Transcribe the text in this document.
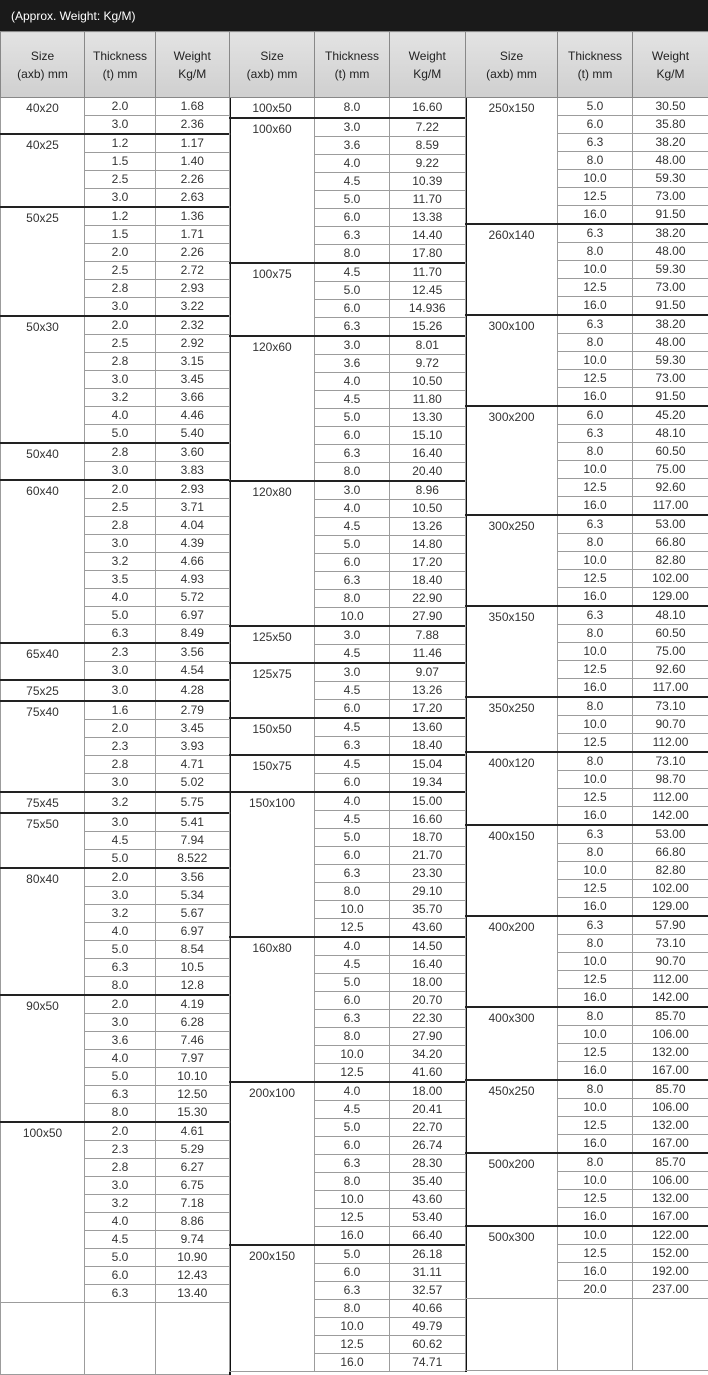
(Approx. Weight: Kg/M)
Size
(axb) mm	Thickness
(t) mm	Weight
Kg/M
40x20	2.0	1.68
	3.0	2.36
40x25	1.2	1.17
	1.5	1.40
	2.5	2.26
	3.0	2.63
50x25	1.2	1.36
	1.5	1.71
	2.0	2.26
	2.5	2.72
	2.8	2.93
	3.0	3.22
50x30	2.0	2.32
	2.5	2.92
	2.8	3.15
	3.0	3.45
	3.2	3.66
	4.0	4.46
	5.0	5.40
50x40	2.8	3.60
	3.0	3.83
60x40	2.0	2.93
	2.5	3.71
	2.8	4.04
	3.0	4.39
	3.2	4.66
	3.5	4.93
	4.0	5.72
	5.0	6.97
	6.3	8.49
65x40	2.3	3.56
	3.0	4.54
75x25	3.0	4.28
75x40	1.6	2.79
	2.0	3.45
	2.3	3.93
	2.8	4.71
	3.0	5.02
75x45	3.2	5.75
75x50	3.0	5.41
	4.5	7.94
	5.0	8.522
80x40	2.0	3.56
	3.0	5.34
	3.2	5.67
	4.0	6.97
	5.0	8.54
	6.3	10.5
	8.0	12.8
90x50	2.0	4.19
	3.0	6.28
	3.6	7.46
	4.0	7.97
	5.0	10.10
	6.3	12.50
	8.0	15.30
100x50	2.0	4.61
	2.3	5.29
	2.8	6.27
	3.0	6.75
	3.2	7.18
	4.0	8.86
	4.5	9.74
	5.0	10.90
	6.0	12.43
	6.3	13.40

Size
(axb) mm	Thickness
(t) mm	Weight
Kg/M
100x50	8.0	16.60
100x60	3.0	7.22
	3.6	8.59
	4.0	9.22
	4.5	10.39
	5.0	11.70
	6.0	13.38
	6.3	14.40
	8.0	17.80
100x75	4.5	11.70
	5.0	12.45
	6.0	14.936
	6.3	15.26
120x60	3.0	8.01
	3.6	9.72
	4.0	10.50
	4.5	11.80
	5.0	13.30
	6.0	15.10
	6.3	16.40
	8.0	20.40
120x80	3.0	8.96
	4.0	10.50
	4.5	13.26
	5.0	14.80
	6.0	17.20
	6.3	18.40
	8.0	22.90
	10.0	27.90
125x50	3.0	7.88
	4.5	11.46
125x75	3.0	9.07
	4.5	13.26
	6.0	17.20
150x50	4.5	13.60
	6.3	18.40
150x75	4.5	15.04
	6.0	19.34
150x100	4.0	15.00
	4.5	16.60
	5.0	18.70
	6.0	21.70
	6.3	23.30
	8.0	29.10
	10.0	35.70
	12.5	43.60
160x80	4.0	14.50
	4.5	16.40
	5.0	18.00
	6.0	20.70
	6.3	22.30
	8.0	27.90
	10.0	34.20
	12.5	41.60
200x100	4.0	18.00
	4.5	20.41
	5.0	22.70
	6.0	26.74
	6.3	28.30
	8.0	35.40
	10.0	43.60
	12.5	53.40
	16.0	66.40
200x150	5.0	26.18
	6.0	31.11
	6.3	32.57
	8.0	40.66
	10.0	49.79
	12.5	60.62
	16.0	74.71
Size
(axb) mm	Thickness
(t) mm	Weight
Kg/M
250x150	5.0	30.50
	6.0	35.80
	6.3	38.20
	8.0	48.00
	10.0	59.30
	12.5	73.00
	16.0	91.50
260x140	6.3	38.20
	8.0	48.00
	10.0	59.30
	12.5	73.00
	16.0	91.50
300x100	6.3	38.20
	8.0	48.00
	10.0	59.30
	12.5	73.00
	16.0	91.50
300x200	6.0	45.20
	6.3	48.10
	8.0	60.50
	10.0	75.00
	12.5	92.60
	16.0	117.00
300x250	6.3	53.00
	8.0	66.80
	10.0	82.80
	12.5	102.00
	16.0	129.00
350x150	6.3	48.10
	8.0	60.50
	10.0	75.00
	12.5	92.60
	16.0	117.00
350x250	8.0	73.10
	10.0	90.70
	12.5	112.00
400x120	8.0	73.10
	10.0	98.70
	12.5	112.00
	16.0	142.00
400x150	6.3	53.00
	8.0	66.80
	10.0	82.80
	12.5	102.00
	16.0	129.00
400x200	6.3	57.90
	8.0	73.10
	10.0	90.70
	12.5	112.00
	16.0	142.00
400x300	8.0	85.70
	10.0	106.00
	12.5	132.00
	16.0	167.00
450x250	8.0	85.70
	10.0	106.00
	12.5	132.00
	16.0	167.00
500x200	8.0	85.70
	10.0	106.00
	12.5	132.00
	16.0	167.00
500x300	10.0	122.00
	12.5	152.00
	16.0	192.00
	20.0	237.00
